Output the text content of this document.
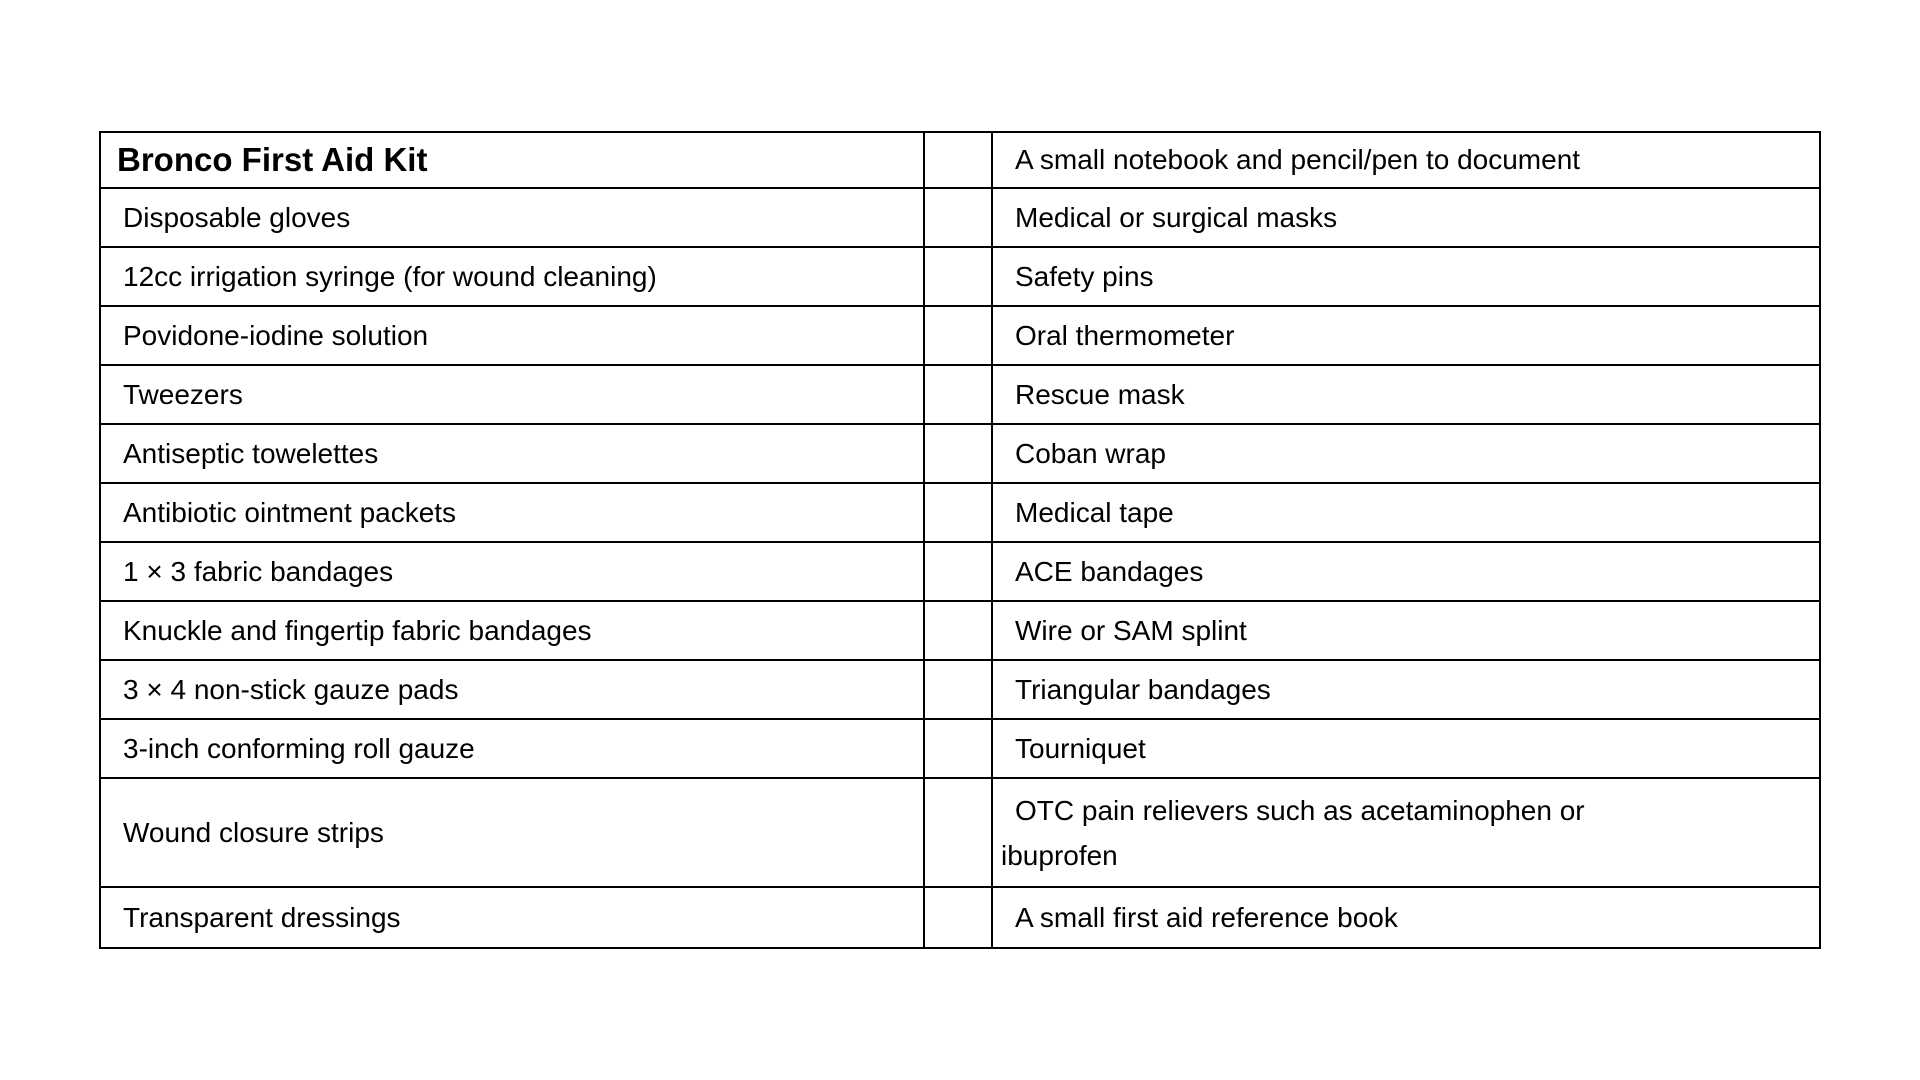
Bronco First Aid Kit		A small notebook and pencil/pen to document
Disposable gloves		Medical or surgical masks
12cc irrigation syringe (for wound cleaning)		Safety pins
Povidone-iodine solution		Oral thermometer
Tweezers		Rescue mask
Antiseptic towelettes		Coban wrap
Antibiotic ointment packets		Medical tape
1 × 3 fabric bandages		ACE bandages
Knuckle and fingertip fabric bandages		Wire or SAM splint
3 × 4 non-stick gauze pads		Triangular bandages
3-inch conforming roll gauze		Tourniquet
Wound closure strips		OTC pain relievers such as acetaminophen or ibuprofen

Transparent dressings		A small first aid reference book
